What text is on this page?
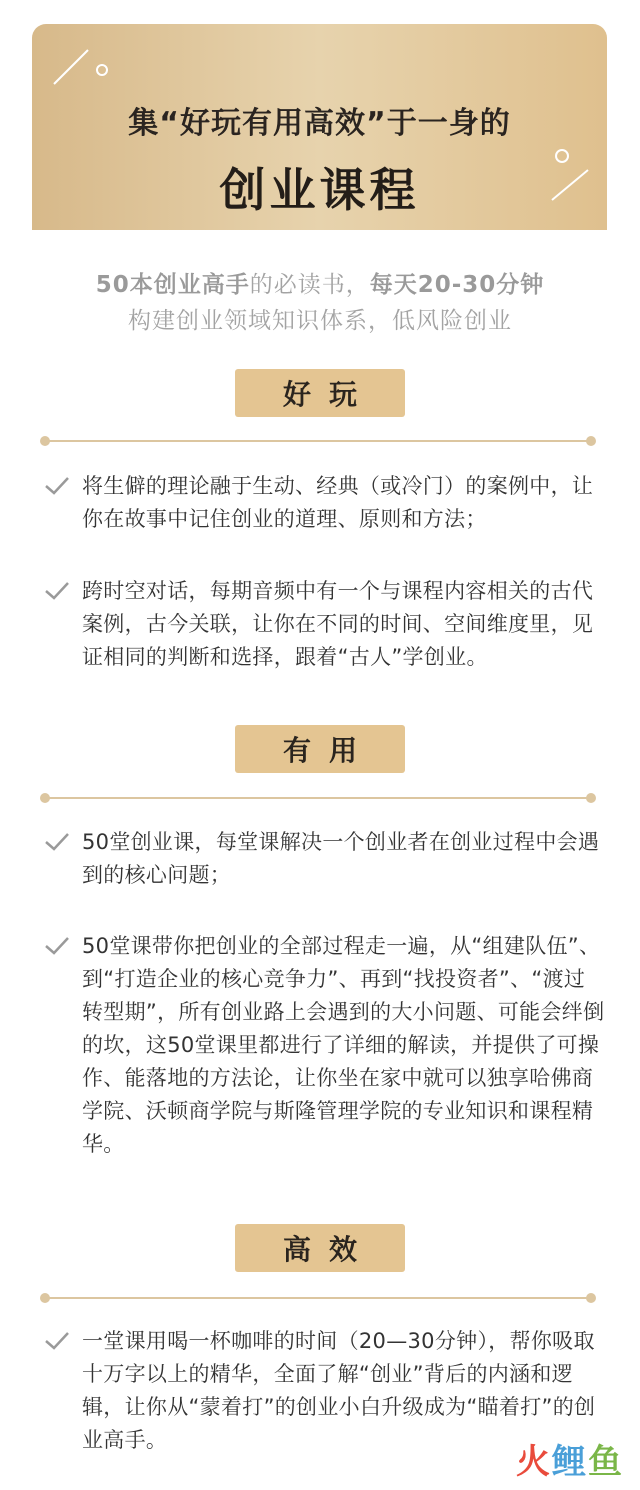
集“好玩有用高效”于一身的
创业课程
50本创业高手的必读书，每天20-30分钟
构建创业领域知识体系，低风险创业
好玩
将生僻的理论融于生动、经典（或冷门）的案例中，让你在故事中记住创业的道理、原则和方法；
跨时空对话，每期音频中有一个与课程内容相关的古代案例，古今关联，让你在不同的时间、空间维度里，见证相同的判断和选择，跟着“古人”学创业。
有用
50堂创业课，每堂课解决一个创业者在创业过程中会遇到的核心问题；
50堂课带你把创业的全部过程走一遍，从“组建队伍”、到“打造企业的核心竞争力”、再到“找投资者”、“渡过转型期”，所有创业路上会遇到的大小问题、可能会绊倒的坎，这50堂课里都进行了详细的解读，并提供了可操作、能落地的方法论，让你坐在家中就可以独享哈佛商学院、沃顿商学院与斯隆管理学院的专业知识和课程精华。
高效
一堂课用喝一杯咖啡的时间（20—30分钟），帮你吸取十万字以上的精华，全面了解“创业”背后的内涵和逻辑，让你从“蒙着打”的创业小白升级成为“瞄着打”的创业高手。
火 鲤 鱼
